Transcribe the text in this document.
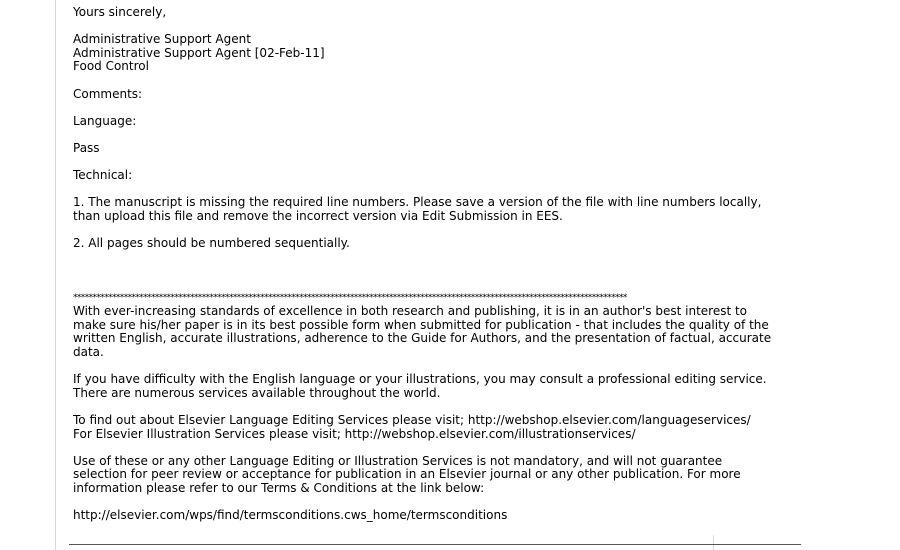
Yours sincerely,
Administrative Support Agent
Administrative Support Agent [02-Feb-11]
Food Control
Comments:
Language:
Pass
Technical:
1. The manuscript is missing the required line numbers. Please save a version of the file with line numbers locally,
than upload this file and remove the incorrect version via Edit Submission in EES.
2. All pages should be numbered sequentially.
**********************************************************************************************************************************************
With ever-increasing standards of excellence in both research and publishing, it is in an author's best interest to
make sure his/her paper is in its best possible form when submitted for publication - that includes the quality of the
written English, accurate illustrations, adherence to the Guide for Authors, and the presentation of factual, accurate
data.
If you have difficulty with the English language or your illustrations, you may consult a professional editing service.
There are numerous services available throughout the world.
To find out about Elsevier Language Editing Services please visit; http://webshop.elsevier.com/languageservices/
For Elsevier Illustration Services please visit; http://webshop.elsevier.com/illustrationservices/
Use of these or any other Language Editing or Illustration Services is not mandatory, and will not guarantee
selection for peer review or acceptance for publication in an Elsevier journal or any other publication. For more
information please refer to our Terms & Conditions at the link below:
http://elsevier.com/wps/find/termsconditions.cws_home/termsconditions
